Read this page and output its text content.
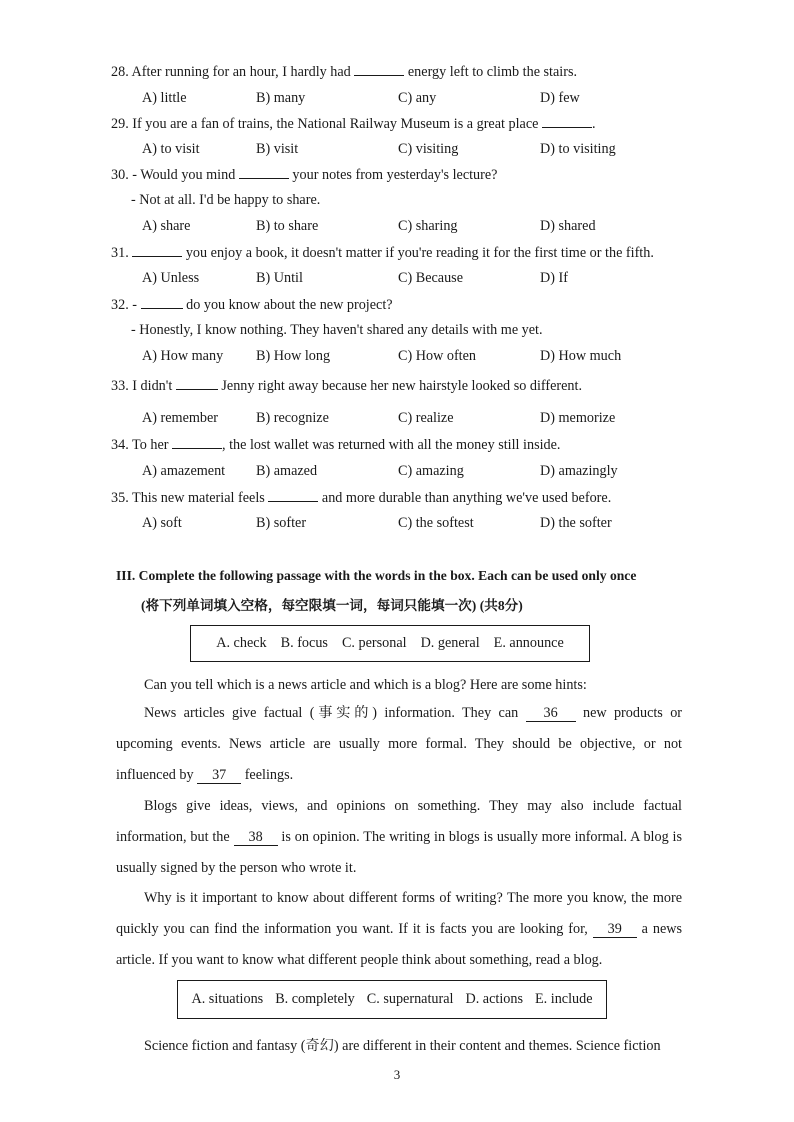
28. After running for an hour, I hardly had	energy left to climb the stairs.
A) little	B) many	C) any	D) few
29. If you are a fan of trains, the National Railway Museum is a great place	.
A) to visit	B) visit	C) visiting	D) to visiting
30. - Would you mind	your notes from yesterday's lecture?
- Not at all. I'd be happy to share.
A) share	B) to share	C) sharing	D) shared
31.	you enjoy a book, it doesn't matter if you're reading it for the first time or the fifth.
A) Unless	B) Until	C) Because	D) If
32. -	do you know about the new project?
- Honestly, I know nothing. They haven't shared any details with me yet.
A) How many B) How long	C) How often	D) How much
33. I didn't	Jenny right away because her new hairstyle looked so different.
A) remember	B) recognize	C) realize	D) memorize
34. To her	, the lost wallet was returned with all the money still inside.
A) amazement B) amazed	C) amazing	D) amazingly
35. This new material feels	and more durable than anything we've used before.
A) soft	B) softer	C) the softest	D) the softer
III. Complete the following passage with the words in the box. Each can be used only once
(将下列单词填入空格，每空限填一词，每词只能填一次) (共8分)
A. check B. focus C. personal D. general E. announce
Can you tell which is a news article and which is a blog? Here are some hints:
News articles give factual (事实的) information. They can 36 new products or upcoming events. News article are usually more formal. They should be objective, or not influenced by 37 feelings.
Blogs give ideas, views, and opinions on something. They may also include factual information, but the 38 is on opinion. The writing in blogs is usually more informal. A blog is usually signed by the person who wrote it.
Why is it important to know about different forms of writing? The more you know, the more quickly you can find the information you want. If it is facts you are looking for, 39 a news article. If you want to know what different people think about something, read a blog.
A. situations B. completely C. supernatural D. actions E. include
Science fiction and fantasy (奇幻) are different in their content and themes. Science fiction
3
